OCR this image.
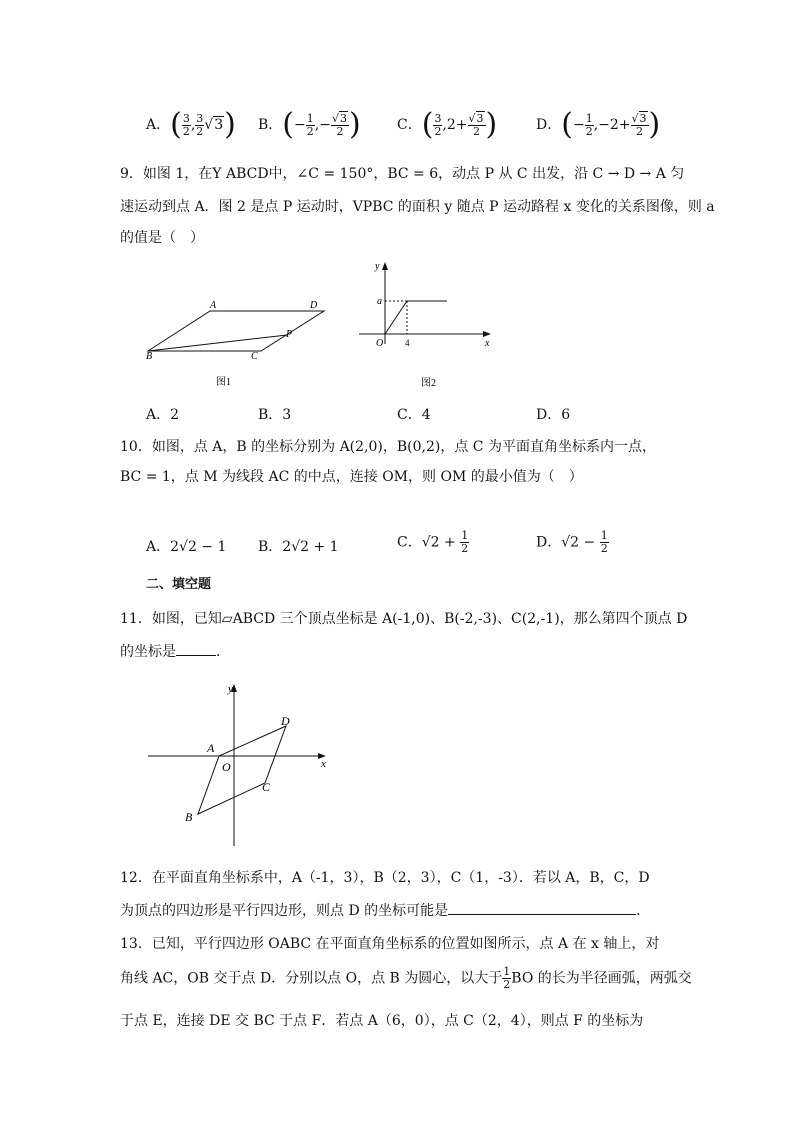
A．( $\frac{3}{2}$ , $\frac{3}{2} √3$) B．(− $\frac{1}{2}$ ,− $\frac{√3}{2}$ )	C．( $\frac{3}{2} ,2+ \frac{√3}{2}$ )	D．(− $\frac{1}{2} ,-2+ \frac{√3}{2}$ )
9．如图 1，在Y ABCD中，∠C = 150°，BC = 6，动点 P 从 C 出发，沿 C → D → A 匀
速运动到点 A．图 2 是点 P 运动时，VPBC 的面积 y 随点 P 运动路程 x 变化的关系图像，则 a
的值是（　）
A	D
P
B	C
图1
y
x
a
O 4
图2
A．2	B．3	C．4	D．6
10．如图，点 A，B 的坐标分别为 A(2,0)，B(0,2)，点 C 为平面直角坐标系内一点，
BC = 1，点 M 为线段 AC 的中点，连接 OM，则 OM 的最小值为（　）
A．2√2 − 1 B．2√2 + 1	C．$√2 + \frac{1}{2}$	D．$√2 - \frac{1}{2}$
二、填空题
11．如图，已知▱ABCD 三个顶点坐标是 A(-1,0)、B(-2,-3)、C(2,-1)，那么第四个顶点 D
的坐标是	．
y
x
A
O
D
C
B
12．在平面直角坐标系中，A（-1，3），B（2，3），C（1，-3）．若以 A，B，C，D
为顶点的四边形是平行四边形，则点 D 的坐标可能是	．
13．已知，平行四边形 OABC 在平面直角坐标系的位置如图所示，点 A 在 x 轴上，对
角线 AC，OB 交于点 D．分别以点 O，点 B 为圆心，以大于 $\frac{1}{2}$ BO 的长为半径画弧，两弧交
于点 E，连接 DE 交 BC 于点 F．若点 A（6，0），点 C（2，4），则点 F 的坐标为
